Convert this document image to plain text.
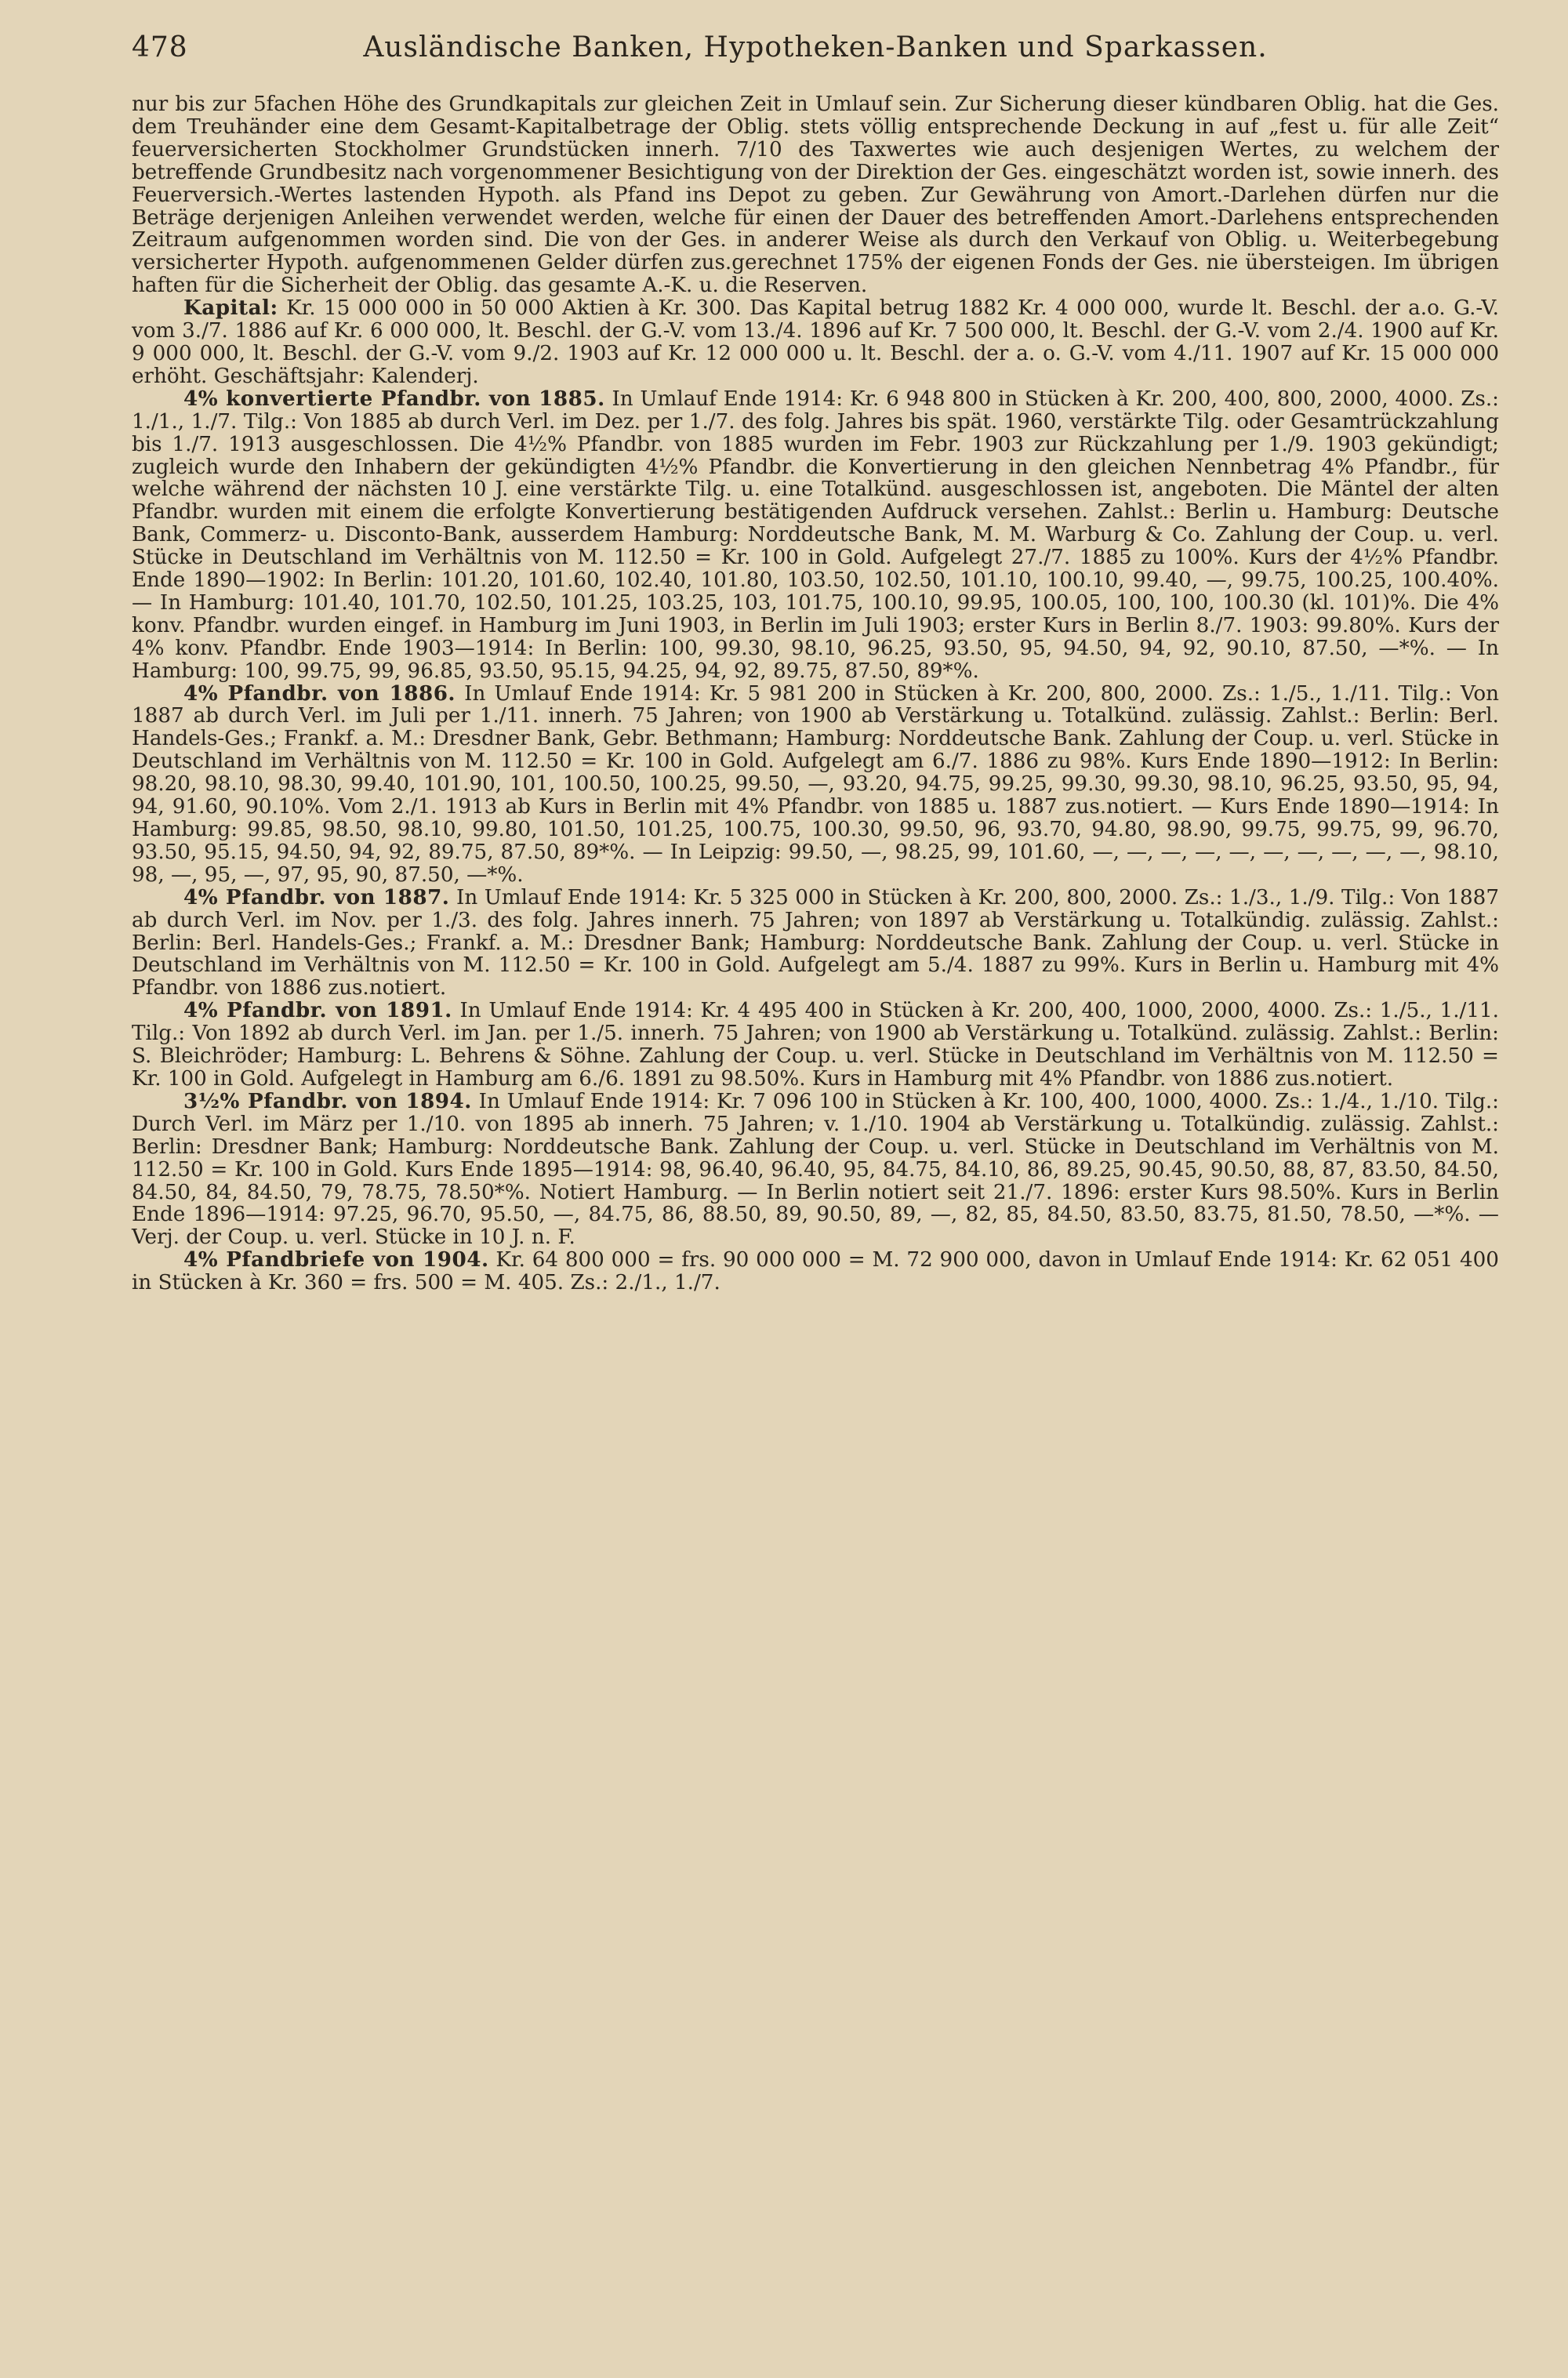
478	Ausländische Banken, Hypotheken-Banken und Sparkassen.

nur bis zur 5fachen Höhe des Grundkapitals zur gleichen Zeit in Umlauf sein. Zur Sicherung dieser kündbaren Oblig. hat die Ges. dem Treuhänder eine dem Gesamt-Kapitalbetrage der Oblig. stets völlig entsprechende Deckung in auf „fest u. für alle Zeit“ feuerversicherten Stockholmer Grundstücken innerh. 7/10 des Taxwertes wie auch desjenigen Wertes, zu welchem der betreffende Grundbesitz nach vorgenommener Besichtigung von der Direktion der Ges. eingeschätzt worden ist, sowie innerh. des Feuerversich.-Wertes lastenden Hypoth. als Pfand ins Depot zu geben. Zur Gewährung von Amort.-Darlehen dürfen nur die Beträge derjenigen Anleihen verwendet werden, welche für einen der Dauer des betreffenden Amort.-Darlehens entsprechenden Zeitraum aufgenommen worden sind. Die von der Ges. in anderer Weise als durch den Verkauf von Oblig. u. Weiterbegebung versicherter Hypoth. aufgenommenen Gelder dürfen zus.gerechnet 175% der eigenen Fonds der Ges. nie übersteigen. Im übrigen haften für die Sicherheit der Oblig. das gesamte A.-K. u. die Reserven.

Kapital: Kr. 15 000 000 in 50 000 Aktien à Kr. 300. Das Kapital betrug 1882 Kr. 4 000 000, wurde lt. Beschl. der a.o. G.-V. vom 3./7. 1886 auf Kr. 6 000 000, lt. Beschl. der G.-V. vom 13./4. 1896 auf Kr. 7 500 000, lt. Beschl. der G.-V. vom 2./4. 1900 auf Kr. 9 000 000, lt. Beschl. der G.-V. vom 9./2. 1903 auf Kr. 12 000 000 u. lt. Beschl. der a. o. G.-V. vom 4./11. 1907 auf Kr. 15 000 000 erhöht. Geschäftsjahr: Kalenderj.

4% konvertierte Pfandbr. von 1885. In Umlauf Ende 1914: Kr. 6 948 800 in Stücken à Kr. 200, 400, 800, 2000, 4000. Zs.: 1./1., 1./7. Tilg.: Von 1885 ab durch Verl. im Dez. per 1./7. des folg. Jahres bis spät. 1960, verstärkte Tilg. oder Gesamtrückzahlung bis 1./7. 1913 ausgeschlossen. Die 4½% Pfandbr. von 1885 wurden im Febr. 1903 zur Rückzahlung per 1./9. 1903 gekündigt; zugleich wurde den Inhabern der gekündigten 4½% Pfandbr. die Konvertierung in den gleichen Nennbetrag 4% Pfandbr., für welche während der nächsten 10 J. eine verstärkte Tilg. u. eine Totalkünd. ausgeschlossen ist, angeboten. Die Mäntel der alten Pfandbr. wurden mit einem die erfolgte Konvertierung bestätigenden Aufdruck versehen. Zahlst.: Berlin u. Hamburg: Deutsche Bank, Commerz- u. Disconto-Bank, ausserdem Hamburg: Norddeutsche Bank, M. M. Warburg & Co. Zahlung der Coup. u. verl. Stücke in Deutschland im Verhältnis von M. 112.50 = Kr. 100 in Gold. Aufgelegt 27./7. 1885 zu 100%. Kurs der 4½% Pfandbr. Ende 1890—1902: In Berlin: 101.20, 101.60, 102.40, 101.80, 103.50, 102.50, 101.10, 100.10, 99.40, —, 99.75, 100.25, 100.40%. — In Hamburg: 101.40, 101.70, 102.50, 101.25, 103.25, 103, 101.75, 100.10, 99.95, 100.05, 100, 100, 100.30 (kl. 101)%. Die 4% konv. Pfandbr. wurden eingef. in Hamburg im Juni 1903, in Berlin im Juli 1903; erster Kurs in Berlin 8./7. 1903: 99.80%. Kurs der 4% konv. Pfandbr. Ende 1903—1914: In Berlin: 100, 99.30, 98.10, 96.25, 93.50, 95, 94.50, 94, 92, 90.10, 87.50, —*%. — In Hamburg: 100, 99.75, 99, 96.85, 93.50, 95.15, 94.25, 94, 92, 89.75, 87.50, 89*%.

4% Pfandbr. von 1886. In Umlauf Ende 1914: Kr. 5 981 200 in Stücken à Kr. 200, 800, 2000. Zs.: 1./5., 1./11. Tilg.: Von 1887 ab durch Verl. im Juli per 1./11. innerh. 75 Jahren; von 1900 ab Verstärkung u. Totalkünd. zulässig. Zahlst.: Berlin: Berl. Handels-Ges.; Frankf. a. M.: Dresdner Bank, Gebr. Bethmann; Hamburg: Norddeutsche Bank. Zahlung der Coup. u. verl. Stücke in Deutschland im Verhältnis von M. 112.50 = Kr. 100 in Gold. Aufgelegt am 6./7. 1886 zu 98%. Kurs Ende 1890—1912: In Berlin: 98.20, 98.10, 98.30, 99.40, 101.90, 101, 100.50, 100.25, 99.50, —, 93.20, 94.75, 99.25, 99.30, 99.30, 98.10, 96.25, 93.50, 95, 94, 94, 91.60, 90.10%. Vom 2./1. 1913 ab Kurs in Berlin mit 4% Pfandbr. von 1885 u. 1887 zus.notiert. — Kurs Ende 1890—1914: In Hamburg: 99.85, 98.50, 98.10, 99.80, 101.50, 101.25, 100.75, 100.30, 99.50, 96, 93.70, 94.80, 98.90, 99.75, 99.75, 99, 96.70, 93.50, 95.15, 94.50, 94, 92, 89.75, 87.50, 89*%. — In Leipzig: 99.50, —, 98.25, 99, 101.60, —, —, —, —, —, —, —, —, —, —, 98.10, 98, —, 95, —, 97, 95, 90, 87.50, —*%.

4% Pfandbr. von 1887. In Umlauf Ende 1914: Kr. 5 325 000 in Stücken à Kr. 200, 800, 2000. Zs.: 1./3., 1./9. Tilg.: Von 1887 ab durch Verl. im Nov. per 1./3. des folg. Jahres innerh. 75 Jahren; von 1897 ab Verstärkung u. Totalkündig. zulässig. Zahlst.: Berlin: Berl. Handels-Ges.; Frankf. a. M.: Dresdner Bank; Hamburg: Norddeutsche Bank. Zahlung der Coup. u. verl. Stücke in Deutschland im Verhältnis von M. 112.50 = Kr. 100 in Gold. Aufgelegt am 5./4. 1887 zu 99%. Kurs in Berlin u. Hamburg mit 4% Pfandbr. von 1886 zus.notiert.

4% Pfandbr. von 1891. In Umlauf Ende 1914: Kr. 4 495 400 in Stücken à Kr. 200, 400, 1000, 2000, 4000. Zs.: 1./5., 1./11. Tilg.: Von 1892 ab durch Verl. im Jan. per 1./5. innerh. 75 Jahren; von 1900 ab Verstärkung u. Totalkünd. zulässig. Zahlst.: Berlin: S. Bleichröder; Hamburg: L. Behrens & Söhne. Zahlung der Coup. u. verl. Stücke in Deutschland im Verhältnis von M. 112.50 = Kr. 100 in Gold. Aufgelegt in Hamburg am 6./6. 1891 zu 98.50%. Kurs in Hamburg mit 4% Pfandbr. von 1886 zus.notiert.

3½% Pfandbr. von 1894. In Umlauf Ende 1914: Kr. 7 096 100 in Stücken à Kr. 100, 400, 1000, 4000. Zs.: 1./4., 1./10. Tilg.: Durch Verl. im März per 1./10. von 1895 ab innerh. 75 Jahren; v. 1./10. 1904 ab Verstärkung u. Totalkündig. zulässig. Zahlst.: Berlin: Dresdner Bank; Hamburg: Norddeutsche Bank. Zahlung der Coup. u. verl. Stücke in Deutschland im Verhältnis von M. 112.50 = Kr. 100 in Gold. Kurs Ende 1895—1914: 98, 96.40, 96.40, 95, 84.75, 84.10, 86, 89.25, 90.45, 90.50, 88, 87, 83.50, 84.50, 84.50, 84, 84.50, 79, 78.75, 78.50*%. Notiert Hamburg. — In Berlin notiert seit 21./7. 1896: erster Kurs 98.50%. Kurs in Berlin Ende 1896—1914: 97.25, 96.70, 95.50, —, 84.75, 86, 88.50, 89, 90.50, 89, —, 82, 85, 84.50, 83.50, 83.75, 81.50, 78.50, —*%. — Verj. der Coup. u. verl. Stücke in 10 J. n. F.

4% Pfandbriefe von 1904. Kr. 64 800 000 = frs. 90 000 000 = M. 72 900 000, davon in Umlauf Ende 1914: Kr. 62 051 400 in Stücken à Kr. 360 = frs. 500 = M. 405. Zs.: 2./1., 1./7.
